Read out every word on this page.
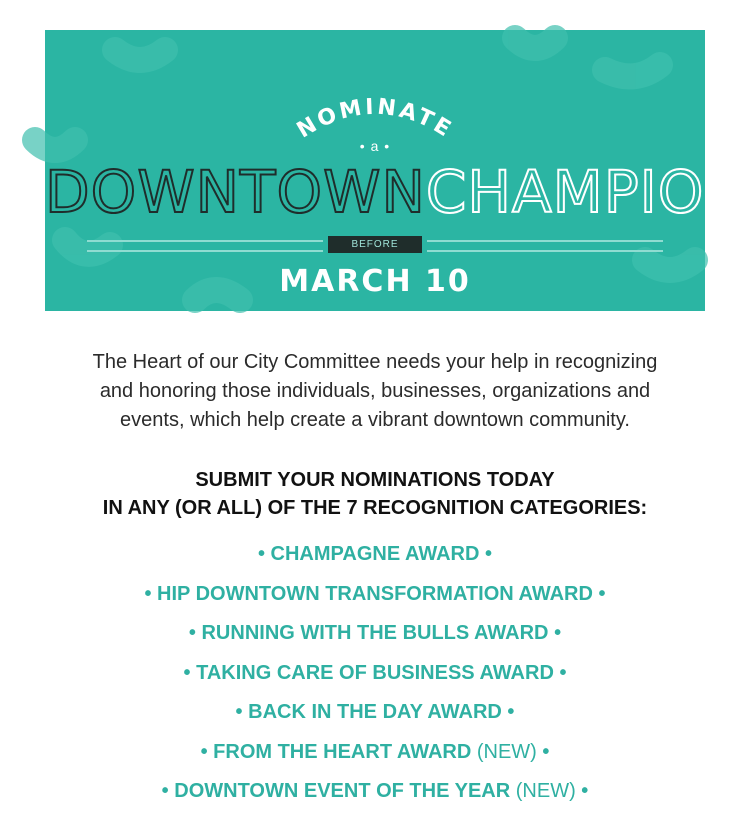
NOMINATE
• a •
DOWNTOWNCHAMPION
BEFORE
MARCH 10

The Heart of our City Committee needs your help in recognizing and honoring those individuals, businesses, organizations and events, which help create a vibrant downtown community.

SUBMIT YOUR NOMINATIONS TODAY
IN ANY (OR ALL) OF THE 7 RECOGNITION CATEGORIES:
• CHAMPAGNE AWARD •
• HIP DOWNTOWN TRANSFORMATION AWARD •
• RUNNING WITH THE BULLS AWARD •
• TAKING CARE OF BUSINESS AWARD •
• BACK IN THE DAY AWARD •
• FROM THE HEART AWARD (NEW) •
• DOWNTOWN EVENT OF THE YEAR (NEW) •
